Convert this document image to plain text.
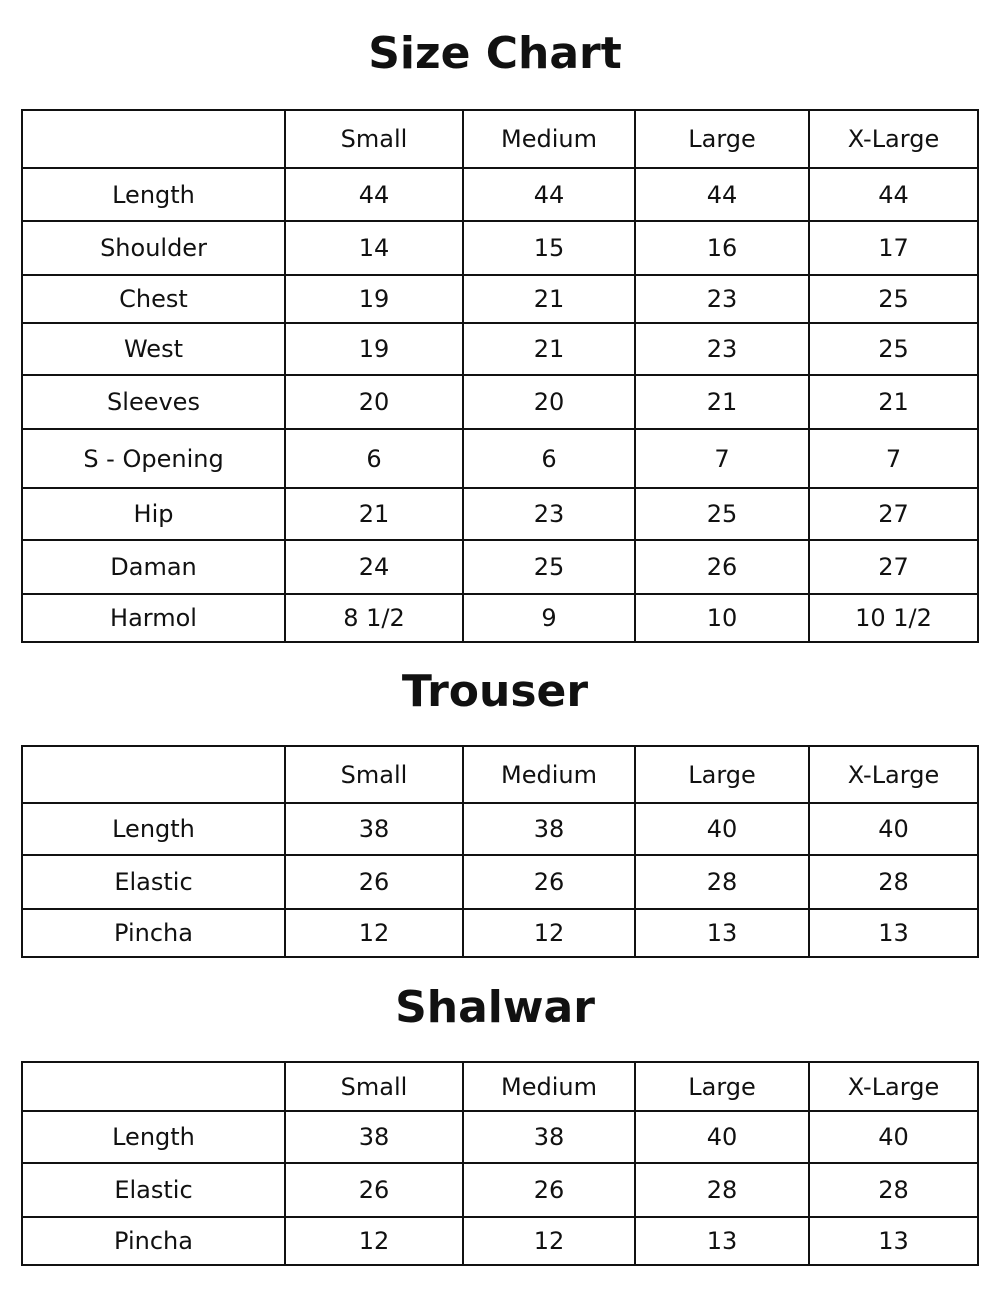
Size Chart
	Small	Medium	Large	X-Large
Length	44	44	44	44
Shoulder	14	15	16	17
Chest	19	21	23	25
West	19	21	23	25
Sleeves	20	20	21	21
S - Opening	6	6	7	7
Hip	21	23	25	27
Daman	24	25	26	27
Harmol	8 1/2	9	10	10 1/2
Trouser
	Small	Medium	Large	X-Large
Length	38	38	40	40
Elastic	26	26	28	28
Pincha	12	12	13	13
Shalwar
	Small	Medium	Large	X-Large
Length	38	38	40	40
Elastic	26	26	28	28
Pincha	12	12	13	13
